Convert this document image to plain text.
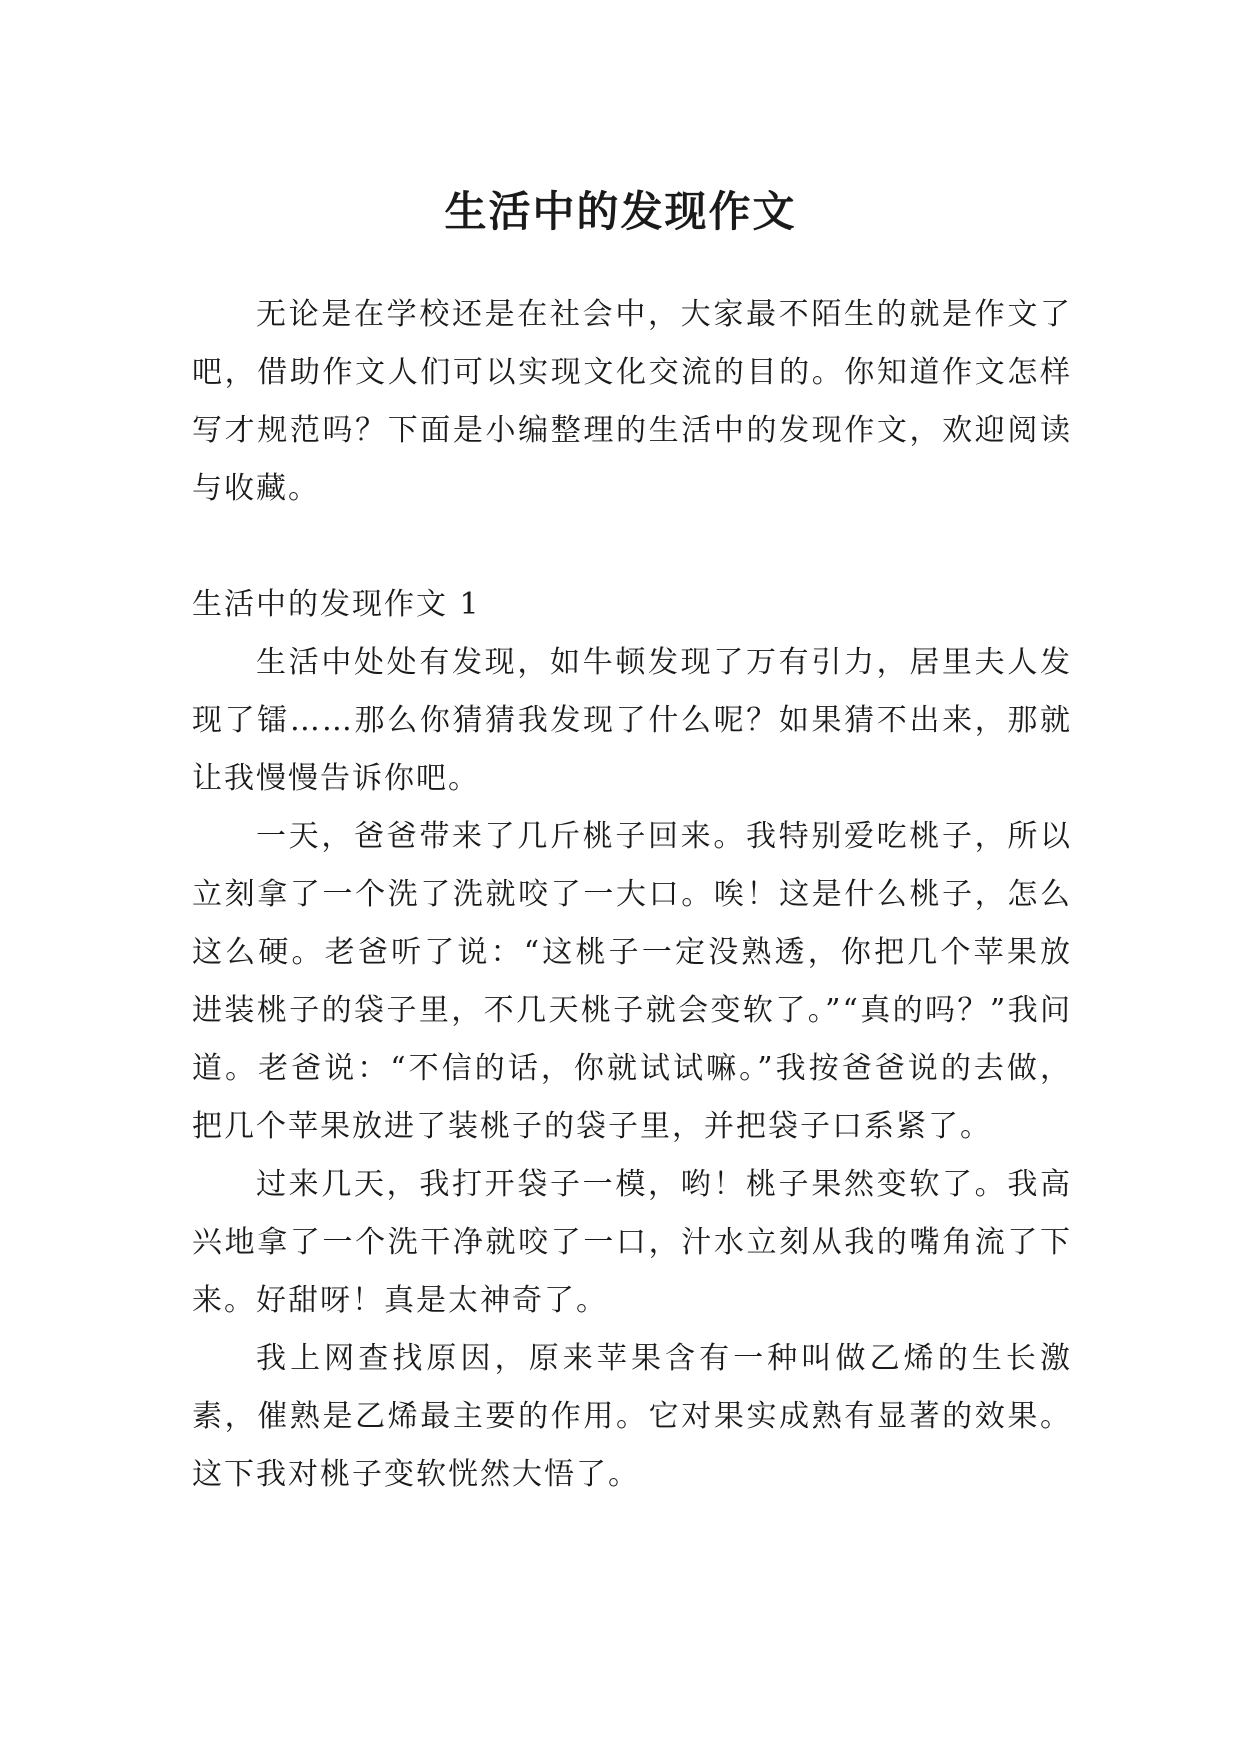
生活中的发现作文

无论是在学校还是在社会中，大家最不陌生的就是作文了吧，借助作文人们可以实现文化交流的目的。你知道作文怎样写才规范吗？下面是小编整理的生活中的发现作文，欢迎阅读与收藏。

生活中的发现作文 1

生活中处处有发现，如牛顿发现了万有引力，居里夫人发现了镭……那么你猜猜我发现了什么呢？如果猜不出来，那就让我慢慢告诉你吧。

一天，爸爸带来了几斤桃子回来。我特别爱吃桃子，所以立刻拿了一个洗了洗就咬了一大口。唉！这是什么桃子，怎么这么硬。老爸听了说：“这桃子一定没熟透，你把几个苹果放进装桃子的袋子里，不几天桃子就会变软了。”“真的吗？”我问道。老爸说：“不信的话，你就试试嘛。”我按爸爸说的去做，把几个苹果放进了装桃子的袋子里，并把袋子口系紧了。

过来几天，我打开袋子一模，哟！桃子果然变软了。我高兴地拿了一个洗干净就咬了一口，汁水立刻从我的嘴角流了下来。好甜呀！真是太神奇了。

我上网查找原因，原来苹果含有一种叫做乙烯的生长激素，催熟是乙烯最主要的作用。它对果实成熟有显著的效果。这下我对桃子变软恍然大悟了。
